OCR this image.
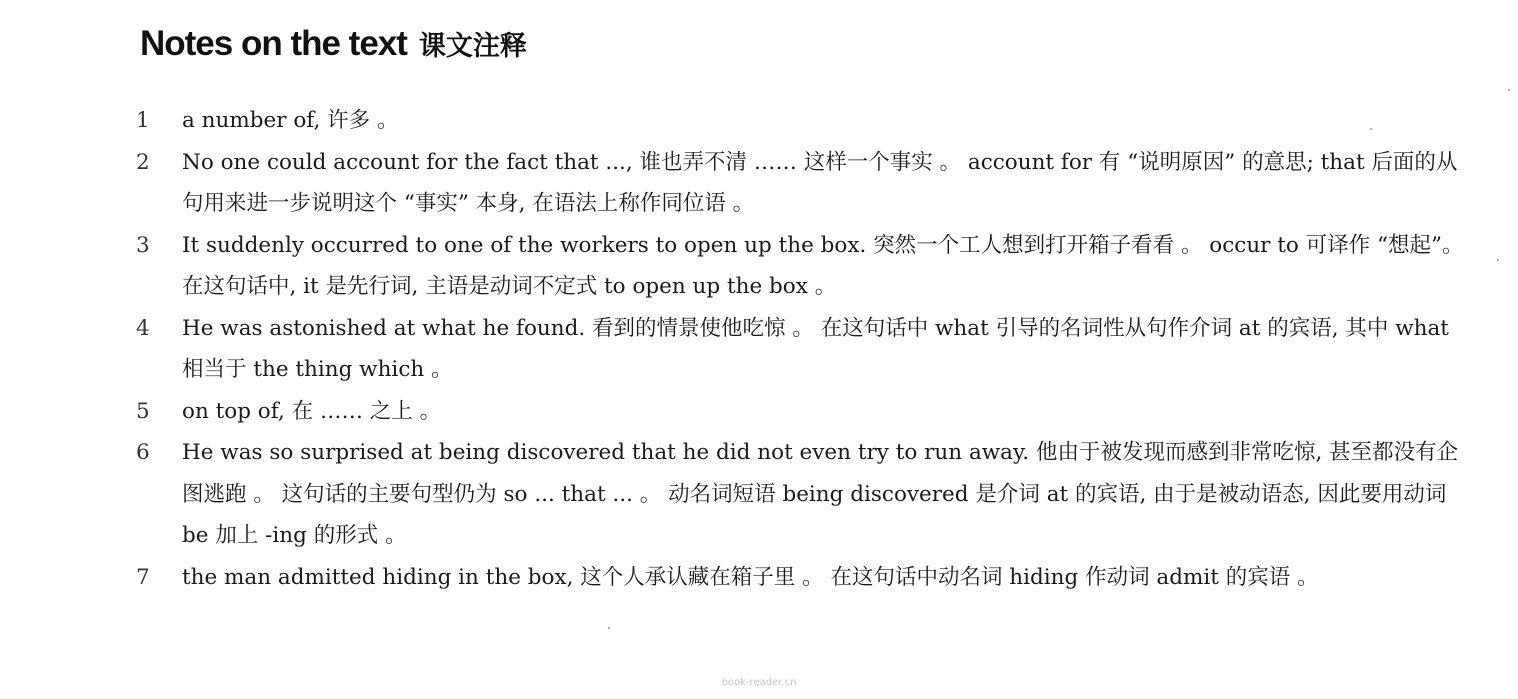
Notes on the text 课文注释
1 a number of, 许多 。
2 No one could account for the fact that ..., 谁也弄不清 …… 这样一个事实 。 account for 有 “说明原因” 的意思; that 后面的从句用来进一步说明这个 “事实” 本身, 在语法上称作同位语 。
3 It suddenly occurred to one of the workers to open up the box. 突然一个工人想到打开箱子看看 。 occur to 可译作 “想起”。 在这句话中, it 是先行词, 主语是动词不定式 to open up the box 。
4 He was astonished at what he found. 看到的情景使他吃惊 。 在这句话中 what 引导的名词性从句作介词 at 的宾语, 其中 what 相当于 the thing which 。
5 on top of, 在 …… 之上 。
6 He was so surprised at being discovered that he did not even try to run away. 他由于被发现而感到非常吃惊, 甚至都没有企图逃跑 。 这句话的主要句型仍为 so ... that ... 。 动名词短语 being discovered 是介词 at 的宾语, 由于是被动语态, 因此要用动词 be 加上 -ing 的形式 。
7 the man admitted hiding in the box, 这个人承认藏在箱子里 。 在这句话中动名词 hiding 作动词 admit 的宾语 。
book-reader.cn
